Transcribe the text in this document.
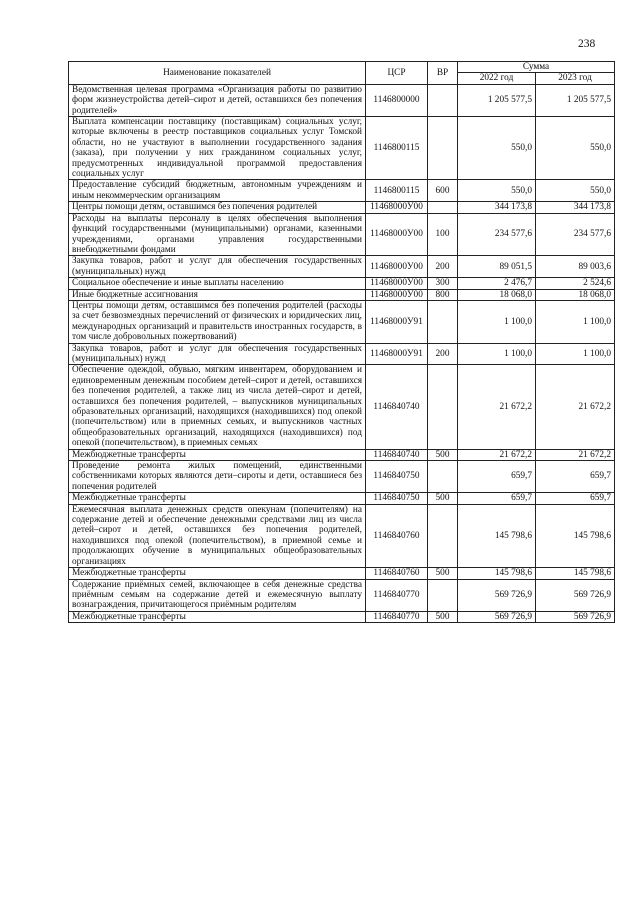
238
Наименование показателей	ЦСР	ВР	Сумма	
			2022 год	2023 год
Ведомственная целевая программа «Организация работы по развитию форм жизнеустройства детей–сирот и детей, оставшихся без попечения родителей»	1146800000		1 205 577,5	1 205 577,5
Выплата компенсации поставщику (поставщикам) социальных услуг, которые включены в реестр поставщиков социальных услуг Томской области, но не участвуют в выполнении государственного задания (заказа), при получении у них гражданином социальных услуг, предусмотренных индивидуальной программой предоставления социальных услуг	1146800115		550,0	550,0
Предоставление субсидий бюджетным, автономным учреждениям и иным некоммерческим организациям	1146800115	600	550,0	550,0
Центры помощи детям, оставшимся без попечения родителей	11468000У00		344 173,8	344 173,8
Расходы на выплаты персоналу в целях обеспечения выполнения функций государственными (муниципальными) органами, казенными учреждениями, органами управления государственными внебюджетными фондами	11468000У00	100	234 577,6	234 577,6
Закупка товаров, работ и услуг для обеспечения государственных (муниципальных) нужд	11468000У00	200	89 051,5	89 003,6
Социальное обеспечение и иные выплаты населению	11468000У00	300	2 476,7	2 524,6
Иные бюджетные ассигнования	11468000У00	800	18 068,0	18 068,0
Центры помощи детям, оставшимся без попечения родителей (расходы за счет безвозмездных перечислений от физических и юридических лиц, международных организаций и правительств иностранных государств, в том числе добровольных пожертвований)	11468000У91		1 100,0	1 100,0
Закупка товаров, работ и услуг для обеспечения государственных (муниципальных) нужд	11468000У91	200	1 100,0	1 100,0
Обеспечение одеждой, обувью, мягким инвентарем, оборудованием и единовременным денежным пособием детей–сирот и детей, оставшихся без попечения родителей, а также лиц из числа детей–сирот и детей, оставшихся без попечения родителей, – выпускников муниципальных образовательных организаций, находящихся (находившихся) под опекой (попечительством) или в приемных семьях, и выпускников частных общеобразовательных организаций, находящихся (находившихся) под опекой (попечительством), в приемных семьях	1146840740		21 672,2	21 672,2
Межбюджетные трансферты	1146840740	500	21 672,2	21 672,2
Проведение ремонта жилых помещений, единственными собственниками которых являются дети–сироты и дети, оставшиеся без попечения родителей	1146840750		659,7	659,7
Межбюджетные трансферты	1146840750	500	659,7	659,7
Ежемесячная выплата денежных средств опекунам (попечителям) на содержание детей и обеспечение денежными средствами лиц из числа детей–сирот и детей, оставшихся без попечения родителей, находившихся под опекой (попечительством), в приемной семье и продолжающих обучение в муниципальных общеобразовательных организациях	1146840760		145 798,6	145 798,6
Межбюджетные трансферты	1146840760	500	145 798,6	145 798,6
Содержание приёмных семей, включающее в себя денежные средства приёмным семьям на содержание детей и ежемесячную выплату вознаграждения, причитающегося приёмным родителям	1146840770		569 726,9	569 726,9
Межбюджетные трансферты	1146840770	500	569 726,9	569 726,9
